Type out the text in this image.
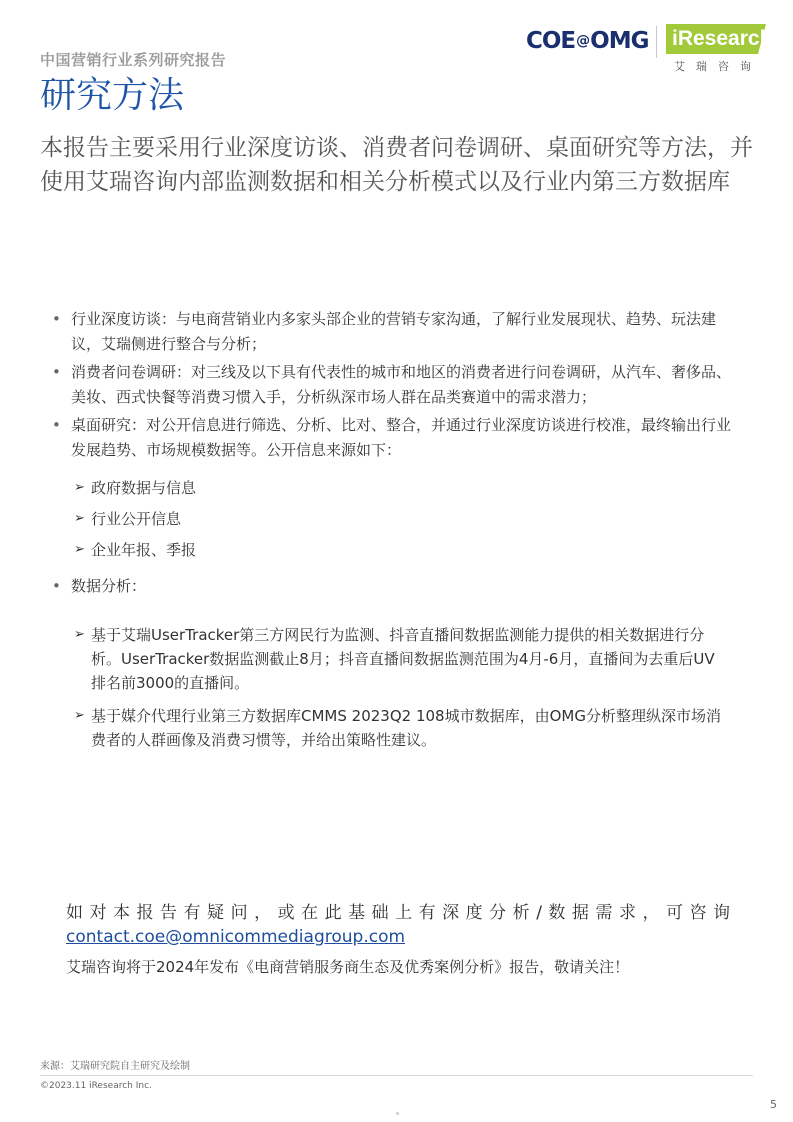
中国营销行业系列研究报告
研究方法
COE@OMG iResearch
艾瑞咨询
本报告主要采用行业深度访谈、消费者问卷调研、桌面研究等方法，并使用艾瑞咨询内部监测数据和相关分析模式以及行业内第三方数据库
• 行业深度访谈：与电商营销业内多家头部企业的营销专家沟通，了解行业发展现状、趋势、玩法建议，艾瑞侧进行整合与分析；
• 消费者问卷调研：对三线及以下具有代表性的城市和地区的消费者进行问卷调研，从汽车、奢侈品、美妆、西式快餐等消费习惯入手，分析纵深市场人群在品类赛道中的需求潜力；
• 桌面研究：对公开信息进行筛选、分析、比对、整合，并通过行业深度访谈进行校准，最终输出行业发展趋势、市场规模数据等。公开信息来源如下：
➢ 政府数据与信息
➢ 行业公开信息
➢ 企业年报、季报
• 数据分析：
➢ 基于艾瑞UserTracker第三方网民行为监测、抖音直播间数据监测能力提供的相关数据进行分析。UserTracker数据监测截止8月；抖音直播间数据监测范围为4月-6月，直播间为去重后UV排名前3000的直播间。
➢ 基于媒介代理行业第三方数据库CMMS 2023Q2 108城市数据库，由OMG分析整理纵深市场消费者的人群画像及消费习惯等，并给出策略性建议。
如对本报告有疑问，或在此基础上有深度分析/数据需求，可咨询
contact.coe@omnicommediagroup.com
艾瑞咨询将于2024年发布《电商营销服务商生态及优秀案例分析》报告，敬请关注！
来源：艾瑞研究院自主研究及绘制
©2023.11 iResearch Inc.
5
